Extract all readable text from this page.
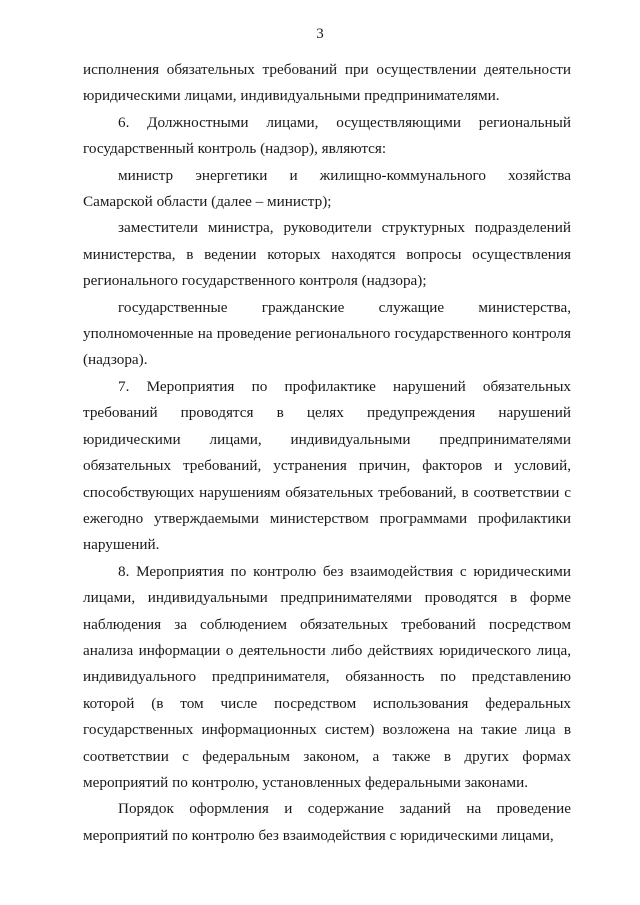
3

исполнения обязательных требований при осуществлении деятельности юридическими лицами, индивидуальными предпринимателями.

6. Должностными лицами, осуществляющими региональный государственный контроль (надзор), являются:

министр энергетики и жилищно-коммунального хозяйства Самарской области (далее – министр);

заместители министра, руководители структурных подразделений министерства, в ведении которых находятся вопросы осуществления регионального государственного контроля (надзора);

государственные гражданские служащие министерства, уполномоченные на проведение регионального государственного контроля (надзора).

7. Мероприятия по профилактике нарушений обязательных требований проводятся в целях предупреждения нарушений юридическими лицами, индивидуальными предпринимателями обязательных требований, устранения причин, факторов и условий, способствующих нарушениям обязательных требований, в соответствии с ежегодно утверждаемыми министерством программами профилактики нарушений.

8. Мероприятия по контролю без взаимодействия с юридическими лицами, индивидуальными предпринимателями проводятся в форме наблюдения за соблюдением обязательных требований посредством анализа информации о деятельности либо действиях юридического лица, индивидуального предпринимателя, обязанность по представлению которой (в том числе посредством использования федеральных государственных информационных систем) возложена на такие лица в соответствии с федеральным законом, а также в других формах мероприятий по контролю, установленных федеральными законами.

Порядок оформления и содержание заданий на проведение мероприятий по контролю без взаимодействия с юридическими лицами,
